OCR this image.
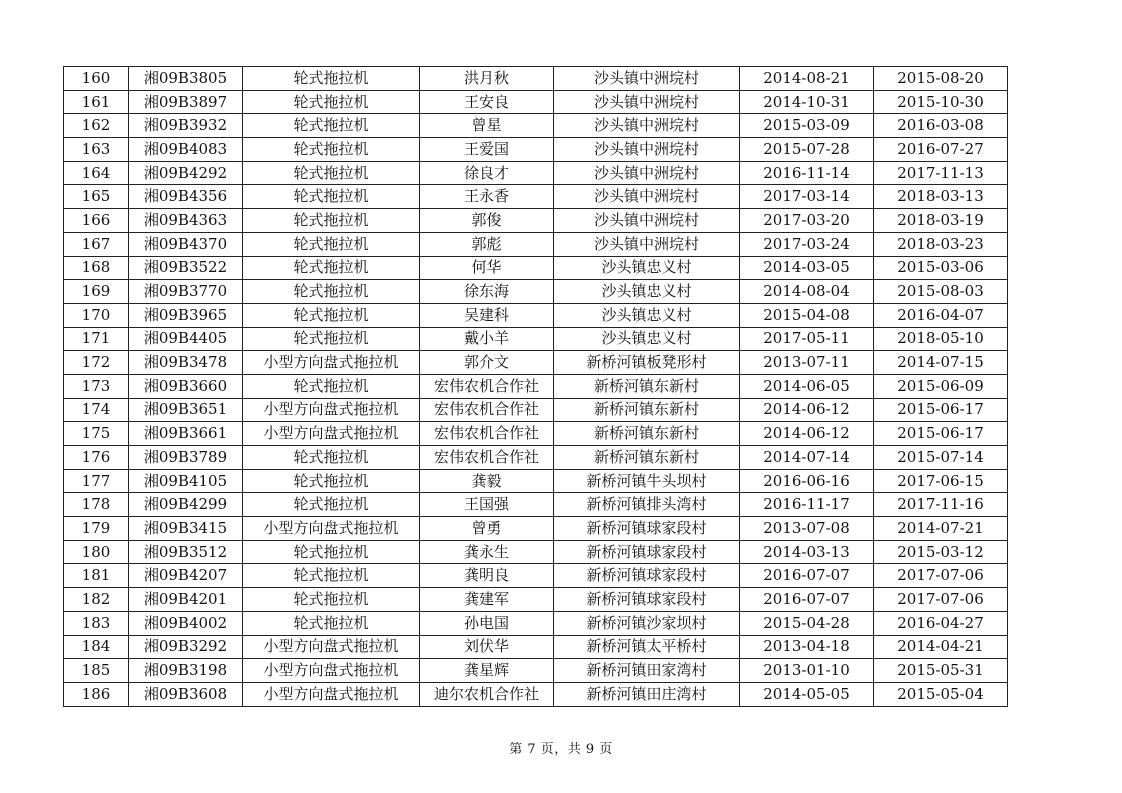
160	湘09B3805	轮式拖拉机	洪月秋	沙头镇中洲垸村	2014-08-21	2015-08-20
161	湘09B3897	轮式拖拉机	王安良	沙头镇中洲垸村	2014-10-31	2015-10-30
162	湘09B3932	轮式拖拉机	曾星	沙头镇中洲垸村	2015-03-09	2016-03-08
163	湘09B4083	轮式拖拉机	王爱国	沙头镇中洲垸村	2015-07-28	2016-07-27
164	湘09B4292	轮式拖拉机	徐良才	沙头镇中洲垸村	2016-11-14	2017-11-13
165	湘09B4356	轮式拖拉机	王永香	沙头镇中洲垸村	2017-03-14	2018-03-13
166	湘09B4363	轮式拖拉机	郭俊	沙头镇中洲垸村	2017-03-20	2018-03-19
167	湘09B4370	轮式拖拉机	郭彪	沙头镇中洲垸村	2017-03-24	2018-03-23
168	湘09B3522	轮式拖拉机	何华	沙头镇忠义村	2014-03-05	2015-03-06
169	湘09B3770	轮式拖拉机	徐东海	沙头镇忠义村	2014-08-04	2015-08-03
170	湘09B3965	轮式拖拉机	吴建科	沙头镇忠义村	2015-04-08	2016-04-07
171	湘09B4405	轮式拖拉机	戴小羊	沙头镇忠义村	2017-05-11	2018-05-10
172	湘09B3478	小型方向盘式拖拉机	郭介文	新桥河镇板凳形村	2013-07-11	2014-07-15
173	湘09B3660	轮式拖拉机	宏伟农机合作社	新桥河镇东新村	2014-06-05	2015-06-09
174	湘09B3651	小型方向盘式拖拉机	宏伟农机合作社	新桥河镇东新村	2014-06-12	2015-06-17
175	湘09B3661	小型方向盘式拖拉机	宏伟农机合作社	新桥河镇东新村	2014-06-12	2015-06-17
176	湘09B3789	轮式拖拉机	宏伟农机合作社	新桥河镇东新村	2014-07-14	2015-07-14
177	湘09B4105	轮式拖拉机	龚毅	新桥河镇牛头坝村	2016-06-16	2017-06-15
178	湘09B4299	轮式拖拉机	王国强	新桥河镇排头湾村	2016-11-17	2017-11-16
179	湘09B3415	小型方向盘式拖拉机	曾勇	新桥河镇球家段村	2013-07-08	2014-07-21
180	湘09B3512	轮式拖拉机	龚永生	新桥河镇球家段村	2014-03-13	2015-03-12
181	湘09B4207	轮式拖拉机	龚明良	新桥河镇球家段村	2016-07-07	2017-07-06
182	湘09B4201	轮式拖拉机	龚建军	新桥河镇球家段村	2016-07-07	2017-07-06
183	湘09B4002	轮式拖拉机	孙电国	新桥河镇沙家坝村	2015-04-28	2016-04-27
184	湘09B3292	小型方向盘式拖拉机	刘伏华	新桥河镇太平桥村	2013-04-18	2014-04-21
185	湘09B3198	小型方向盘式拖拉机	龚星辉	新桥河镇田家湾村	2013-01-10	2015-05-31
186	湘09B3608	小型方向盘式拖拉机	迪尔农机合作社	新桥河镇田庄湾村	2014-05-05	2015-05-04
第 7 页，共 9 页
